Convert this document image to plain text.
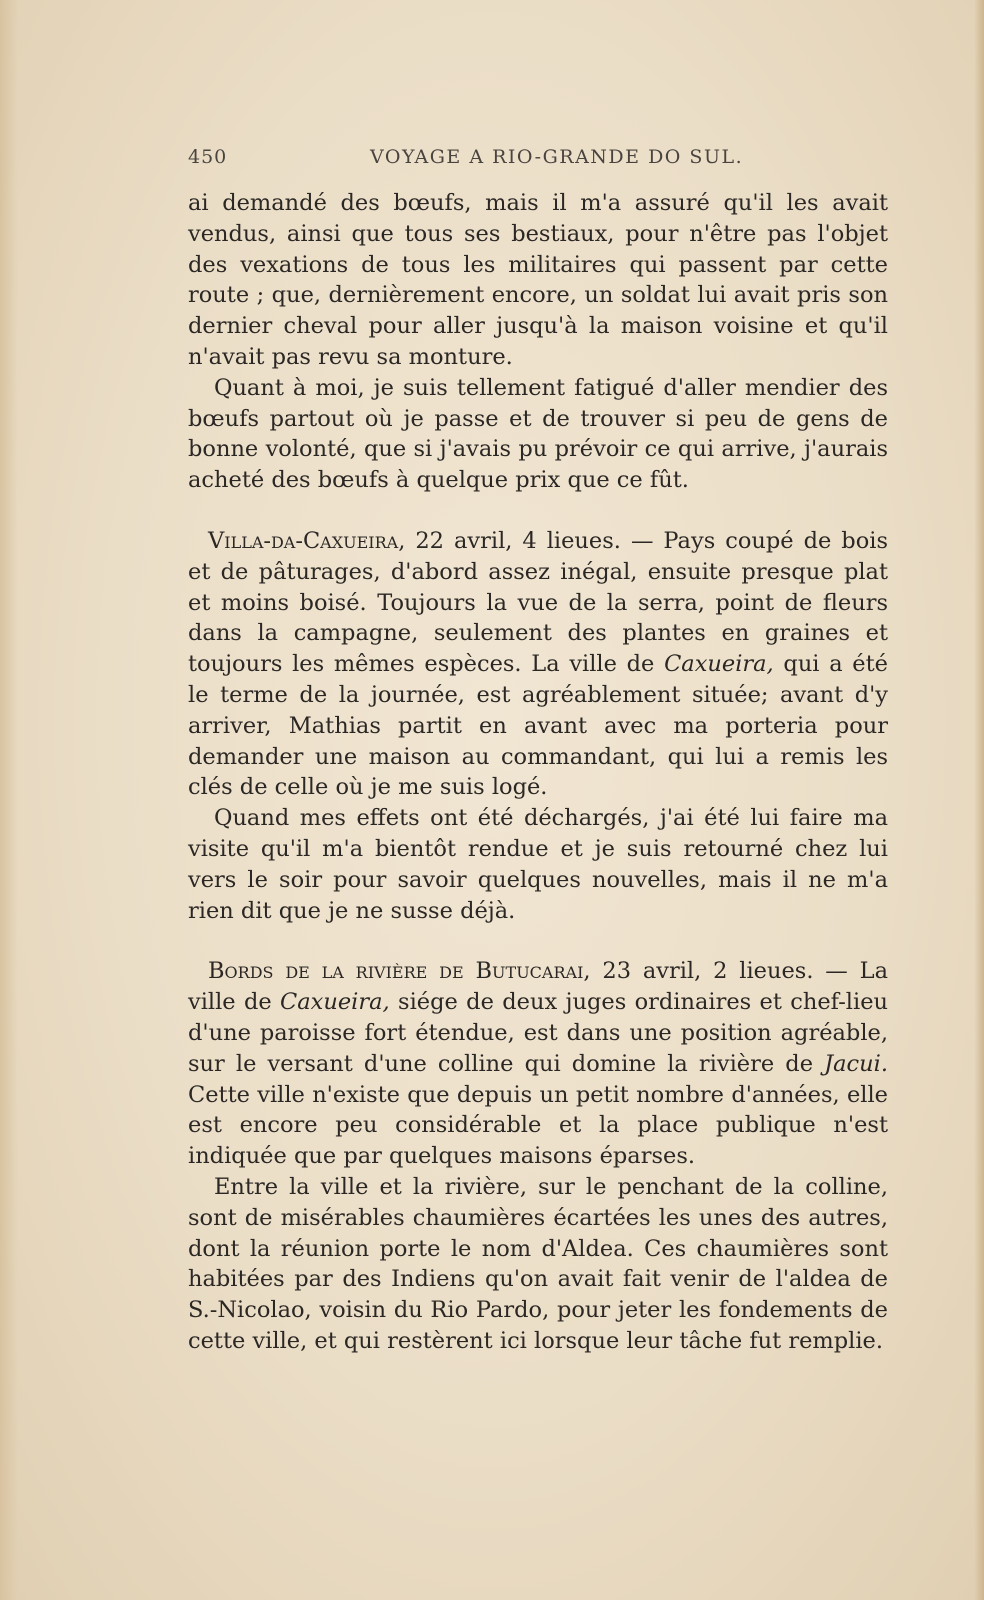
450	VOYAGE A RIO-GRANDE DO SUL.

ai demandé des bœufs, mais il m'a assuré qu'il les avait vendus, ainsi que tous ses bestiaux, pour n'être pas l'objet des vexations de tous les militaires qui passent par cette route ; que, dernièrement encore, un soldat lui avait pris son dernier cheval pour aller jusqu'à la maison voisine et qu'il n'avait pas revu sa monture.

Quant à moi, je suis tellement fatigué d'aller mendier des bœufs partout où je passe et de trouver si peu de gens de bonne volonté, que si j'avais pu prévoir ce qui arrive, j'aurais acheté des bœufs à quelque prix que ce fût.

Villa-da-Caxueira, 22 avril, 4 lieues. — Pays coupé de bois et de pâturages, d'abord assez inégal, ensuite presque plat et moins boisé. Toujours la vue de la serra, point de fleurs dans la campagne, seulement des plantes en graines et toujours les mêmes espèces. La ville de Caxueira, qui a été le terme de la journée, est agréablement située; avant d'y arriver, Mathias partit en avant avec ma porteria pour demander une maison au commandant, qui lui a remis les clés de celle où je me suis logé.

Quand mes effets ont été déchargés, j'ai été lui faire ma visite qu'il m'a bientôt rendue et je suis retourné chez lui vers le soir pour savoir quelques nouvelles, mais il ne m'a rien dit que je ne susse déjà.

Bords de la rivière de Butucarai, 23 avril, 2 lieues. — La ville de Caxueira, siége de deux juges ordinaires et chef-lieu d'une paroisse fort étendue, est dans une position agréable, sur le versant d'une colline qui domine la rivière de Jacui. Cette ville n'existe que depuis un petit nombre d'années, elle est encore peu considérable et la place publique n'est indiquée que par quelques maisons éparses.

Entre la ville et la rivière, sur le penchant de la colline, sont de misérables chaumières écartées les unes des autres, dont la réunion porte le nom d'Aldea. Ces chaumières sont habitées par des Indiens qu'on avait fait venir de l'aldea de S.-Nicolao, voisin du Rio Pardo, pour jeter les fondements de cette ville, et qui restèrent ici lorsque leur tâche fut remplie.
